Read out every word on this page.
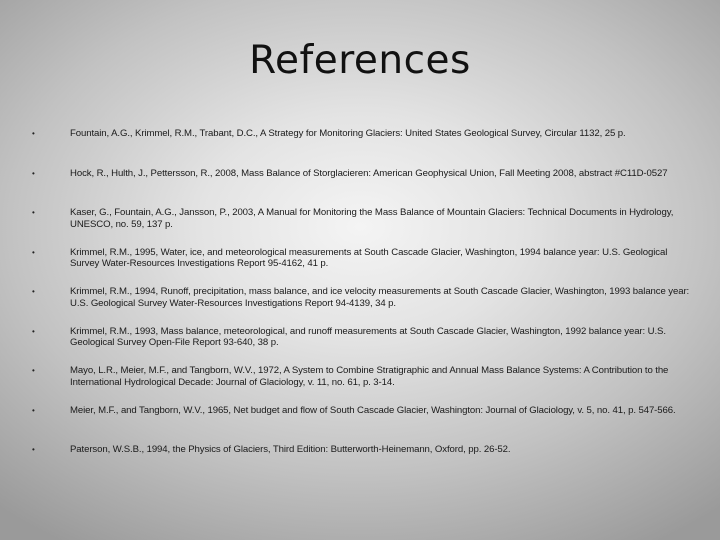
References
•	Fountain, A.G., Krimmel, R.M., Trabant, D.C., A Strategy for Monitoring Glaciers: United States Geological Survey, Circular 1132, 25 p.
•	Hock, R., Hulth, J., Pettersson, R., 2008, Mass Balance of Storglacieren: American Geophysical Union, Fall Meeting 2008, abstract #C11D-0527
•	Kaser, G., Fountain, A.G., Jansson, P., 2003, A Manual for Monitoring the Mass Balance of Mountain Glaciers: Technical Documents in Hydrology, UNESCO, no. 59, 137 p.
•	Krimmel, R.M., 1995, Water, ice, and meteorological measurements at South Cascade Glacier, Washington, 1994 balance year: U.S. Geological Survey Water-Resources Investigations Report 95-4162, 41 p.
•	Krimmel, R.M., 1994, Runoff, precipitation, mass balance, and ice velocity measurements at South Cascade Glacier, Washington, 1993 balance year: U.S. Geological Survey Water-Resources Investigations Report 94-4139, 34 p.
•	Krimmel, R.M., 1993, Mass balance, meteorological, and runoff measurements at South Cascade Glacier, Washington, 1992 balance year: U.S. Geological Survey Open-File Report 93-640, 38 p.
•	Mayo, L.R., Meier, M.F., and Tangborn, W.V., 1972, A System to Combine Stratigraphic and Annual Mass Balance Systems: A Contribution to the International Hydrological Decade: Journal of Glaciology, v. 11, no. 61, p. 3-14.
•	Meier, M.F., and Tangborn, W.V., 1965, Net budget and flow of South Cascade Glacier, Washington: Journal of Glaciology, v. 5, no. 41, p. 547-566.
•	Paterson, W.S.B., 1994, the Physics of Glaciers, Third Edition: Butterworth-Heinemann, Oxford, pp. 26-52.
